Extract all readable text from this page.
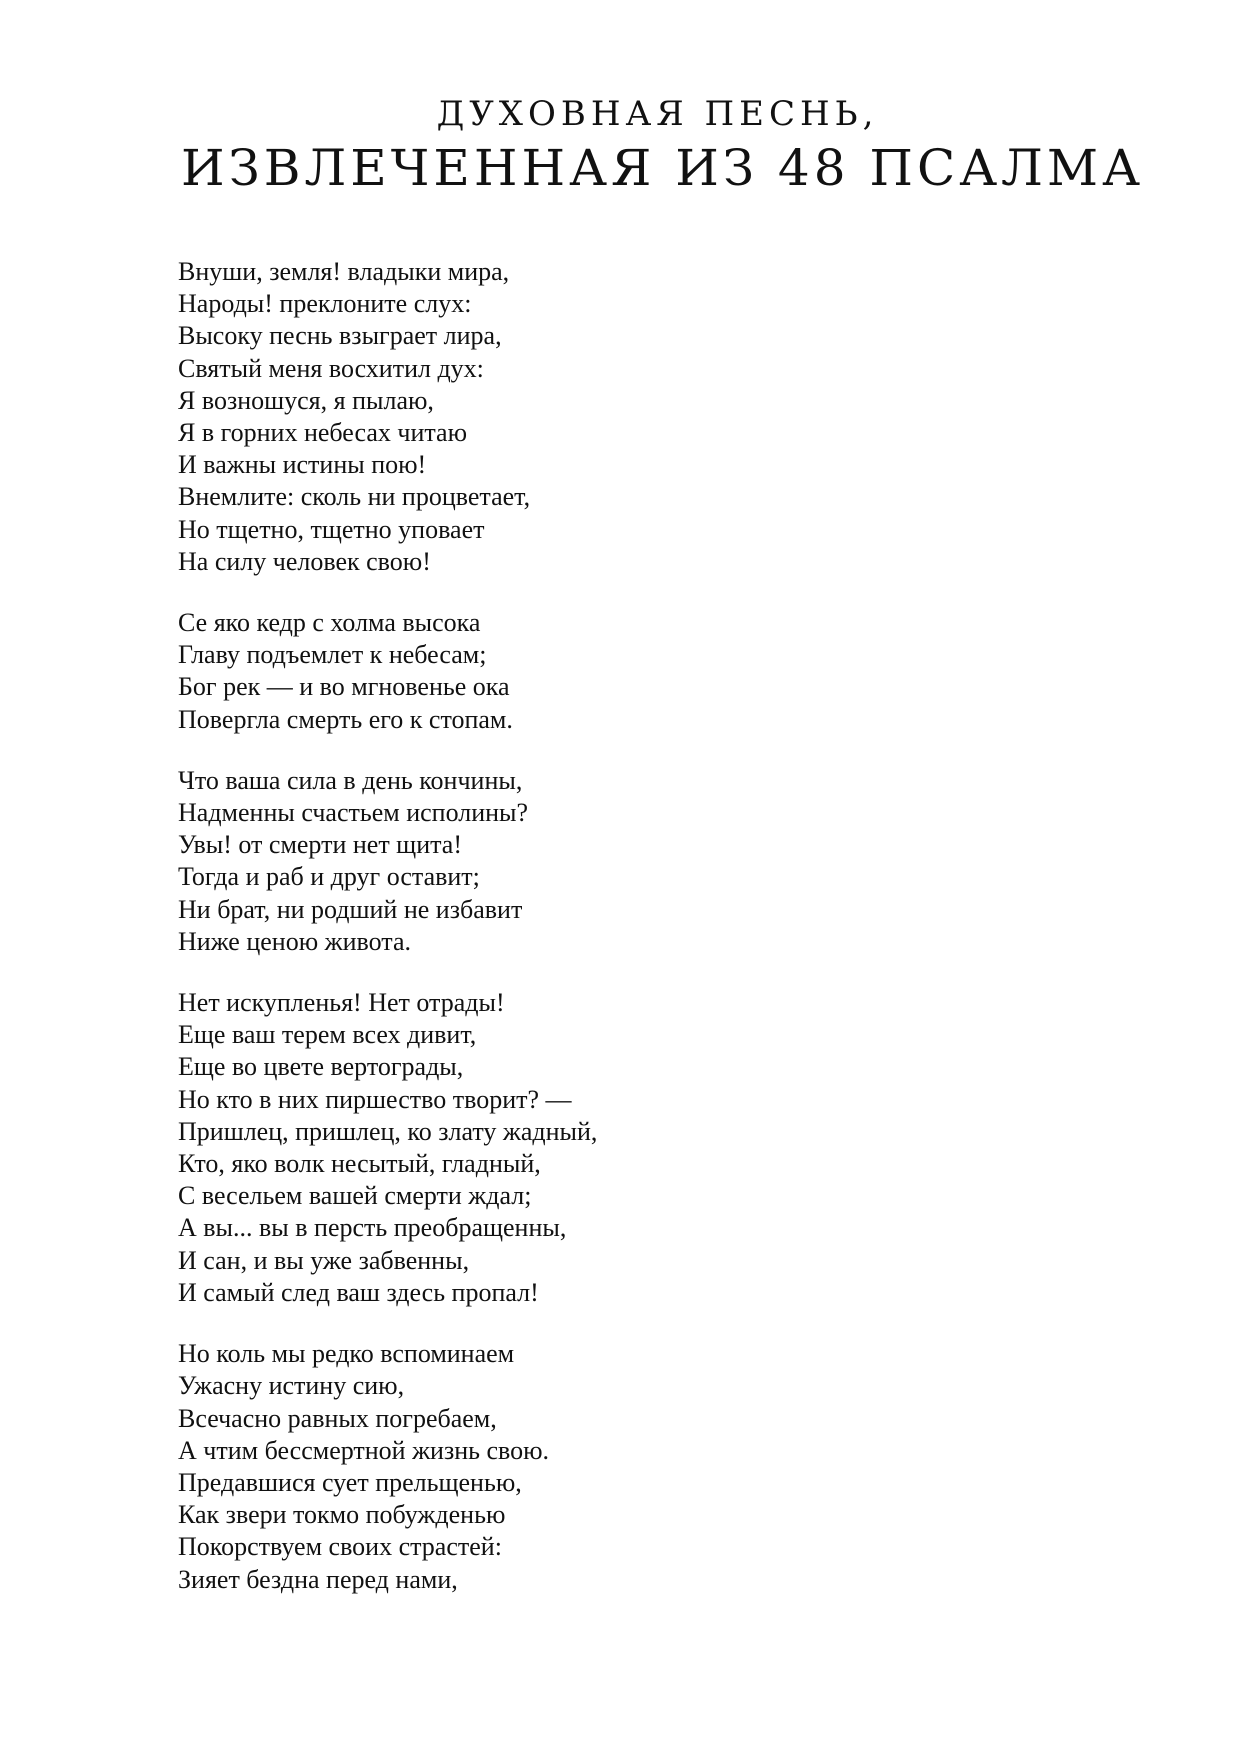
ДУХОВНАЯ ПЕСНЬ,
ИЗВЛЕЧЕННАЯ ИЗ 48 ПСАЛМА
Внуши, земля! владыки мира,
Народы! преклоните слух:
Высоку песнь взыграет лира,
Святый меня восхитил дух:
Я возношуся, я пылаю,
Я в горних небесах читаю
И важны истины пою!
Внемлите: сколь ни процветает,
Но тщетно, тщетно уповает
На силу человек свою!
Се яко кедр с холма высока
Главу подъемлет к небесам;
Бог рек — и во мгновенье ока
Повергла смерть его к стопам.
Что ваша сила в день кончины,
Надменны счастьем исполины?
Увы! от смерти нет щита!
Тогда и раб и друг оставит;
Ни брат, ни родший не избавит
Ниже ценою живота.
Нет искупленья! Нет отрады!
Еще ваш терем всех дивит,
Еще во цвете вертограды,
Но кто в них пиршество творит? —
Пришлец, пришлец, ко злату жадный,
Кто, яко волк несытый, гладный,
С весельем вашей смерти ждал;
А вы... вы в персть преобращенны,
И сан, и вы уже забвенны,
И самый след ваш здесь пропал!
Но коль мы редко вспоминаем
Ужасну истину сию,
Всечасно равных погребаем,
А чтим бессмертной жизнь свою.
Предавшися сует прельщенью,
Как звери токмо побужденью
Покорствуем своих страстей:
Зияет бездна перед нами,
